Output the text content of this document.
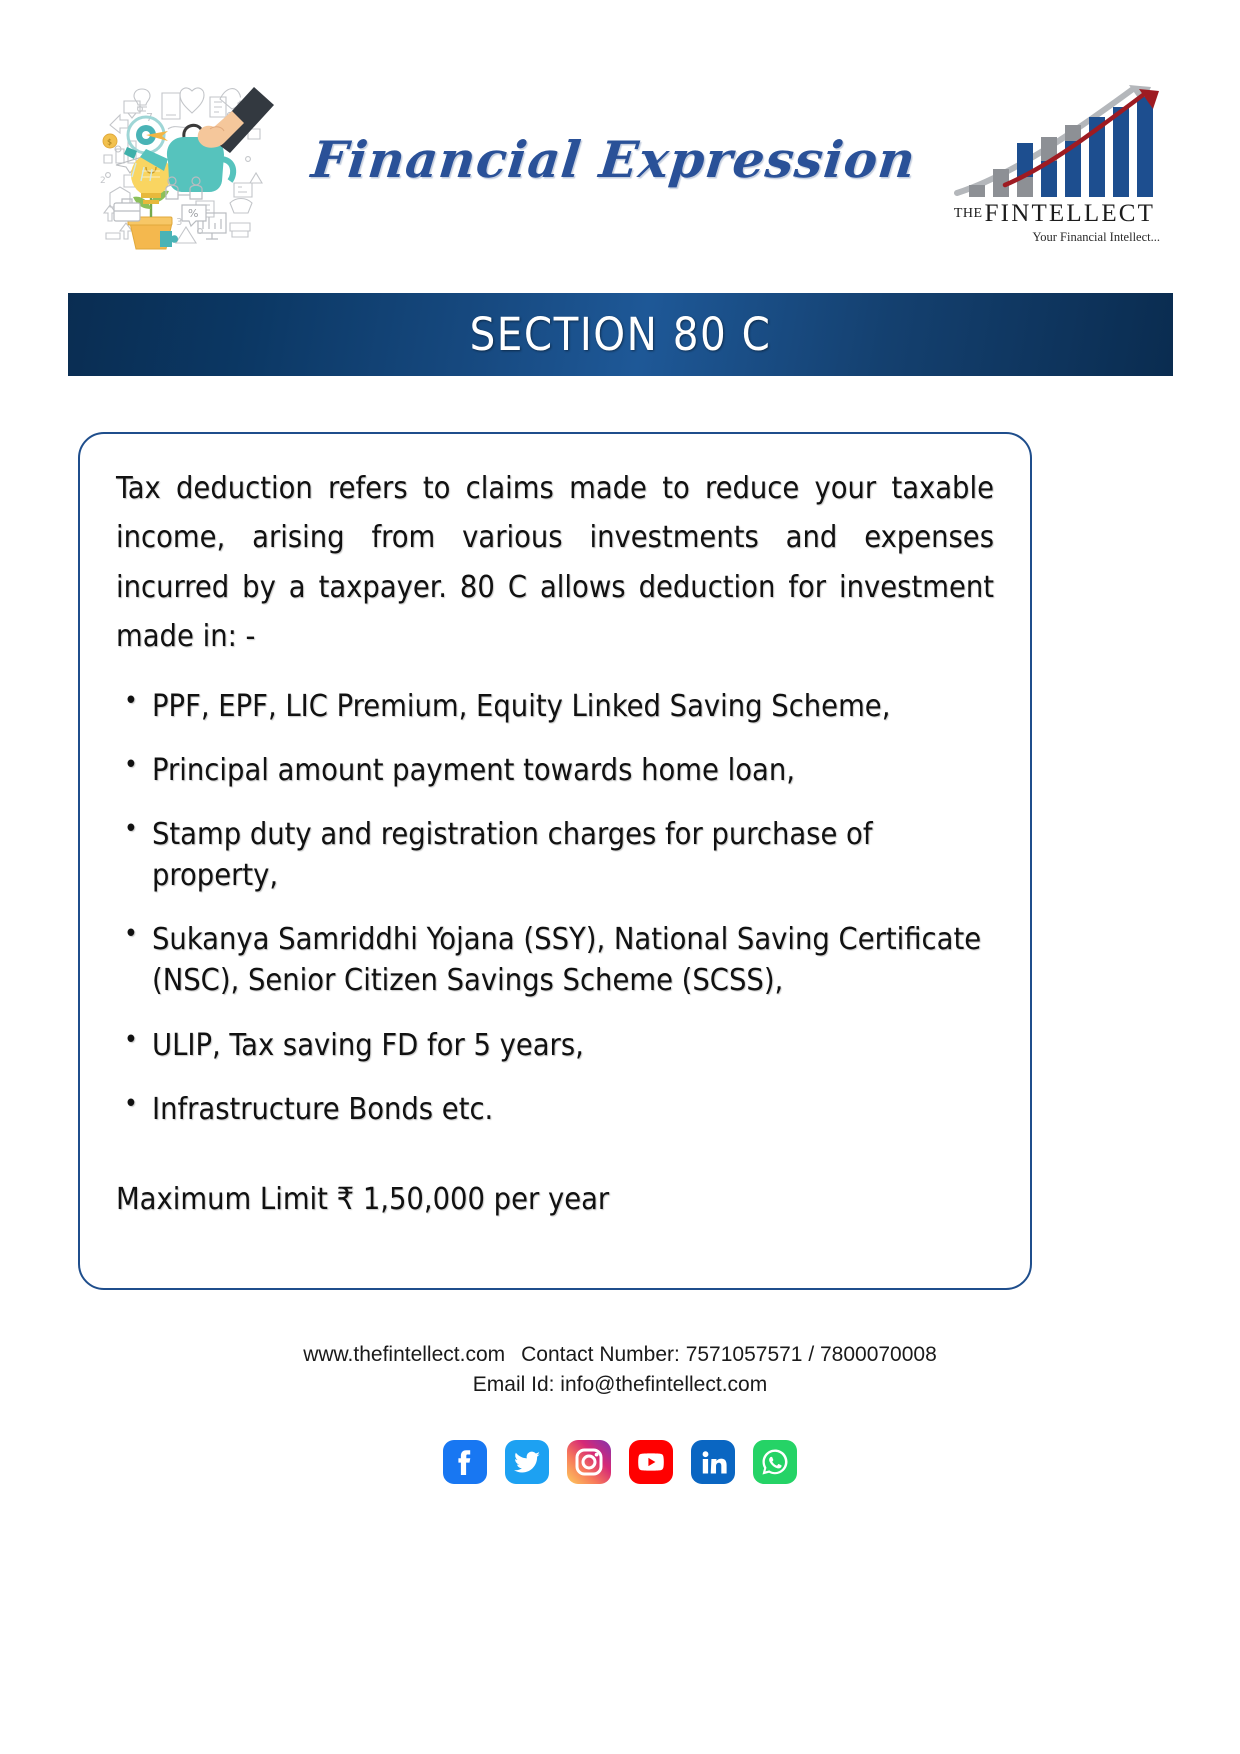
2
7
3
$
%
Financial Expression
THEFINTELLECT
Your Financial Intellect...
SECTION 80 C

Tax deduction refers to claims made to reduce your taxable income, arising from various investments and expenses incurred by a taxpayer. 80 C allows deduction for investment made in: -

• PPF, EPF, LIC Premium, Equity Linked Saving Scheme,
• Principal amount payment towards home loan,
• Stamp duty and registration charges for purchase of property,
• Sukanya Samriddhi Yojana (SSY), National Saving Certificate (NSC), Senior Citizen Savings Scheme (SCSS),
• ULIP, Tax saving FD for 5 years,
• Infrastructure Bonds etc.
Maximum Limit ₹ 1,50,000 per year
www.thefintellect.com Contact Number: 7571057571 / 7800070008
Email Id: info@thefintellect.com
